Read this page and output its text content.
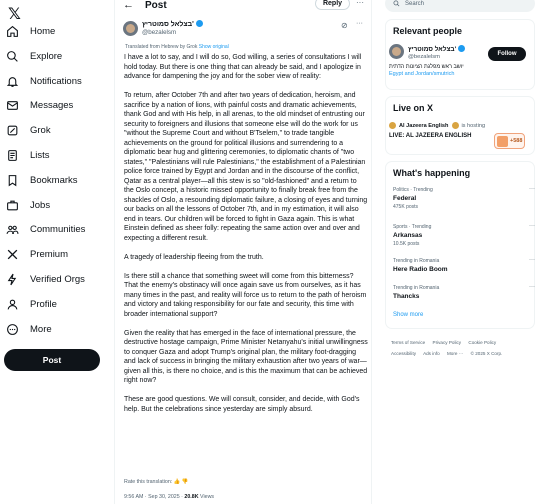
𝕏
Home
Explore
Notifications
Messages
Grok
Lists
Bookmarks
Jobs
Communities
Premium
Verified Orgs
Profile
More
Post
← Post	Reply	···
בצלאל סמוטריץ'
@bezalelsm
⊘ ···
Translated from Hebrew by Grok Show original

I have a lot to say, and I will do so, God willing, a series of consultations I will hold today. But there is one thing that can already be said, and I apologize in advance for dampening the joy and for the sober view of reality:

To return, after October 7th and after two years of dedication, heroism, and sacrifice by a nation of lions, with painful costs and dramatic achievements, thank God and with His help, in all arenas, to the old mindset of entrusting our security to foreigners and illusions that someone else will do the work for us "without the Supreme Court and without B'Tselem," to trade tangible achievements on the ground for political illusions and surrendering to a diplomatic bear hug and glittering ceremonies, to diplomatic chants of "two states," "Palestinians will rule Palestinians," the establishment of a Palestinian police force trained by Egypt and Jordan and in the discourse of the conflict, Qatar as a central player—all this stew is so "old-fashioned" and a return to the Oslo concept, a historic missed opportunity to finally break free from the shackles of Oslo, a resounding diplomatic failure, a closing of eyes and turning our backs on all the lessons of October 7th, and in my estimation, it will also end in tears. Our children will be forced to fight in Gaza again. This is what Einstein defined as sheer folly: repeating the same action over and over and expecting a different result.

A tragedy of leadership fleeing from the truth.

Is there still a chance that something sweet will come from this bitterness? That the enemy's obstinacy will once again save us from ourselves, as it has many times in the past, and reality will force us to return to the path of heroism and victory and taking responsibility for our fate and security, this time with broader international support?

Given the reality that has emerged in the face of international pressure, the destructive hostage campaign, Prime Minister Netanyahu's initial unwillingness to conquer Gaza and adopt Trump's original plan, the military foot-dragging and lack of success in bringing the military exhaustion after two years of war—given all this, is there no choice, and is this the maximum that can be achieved right now?

These are good questions. We will consult, consider, and decide, with God's help. But the celebrations since yesterday are simply absurd.

Rate this translation: 👍 👎
9:56 AM · Sep 30, 2025 · 20.8K Views
Search
Relevant people
בצלאל סמוטריץ'
@bezalelsm	Follow
יושב ראש מפלגת הציונות הדתית
Egypt and Jordan/smutrich
Live on X
Al Jazeera English is hosting
LIVE: AL JAZEERA ENGLISH
+588
What's happening
Politics · Trending
Federal
475K posts
···
Sports · Trending
Arkansas
10.5K posts
···
Trending in Romania
Here Radio Boom
···
Trending in Romania
Thancks
···
Show more
Terms of Service Privacy Policy Cookie Policy
Accessibility Ads info More ··· © 2025 X Corp.
